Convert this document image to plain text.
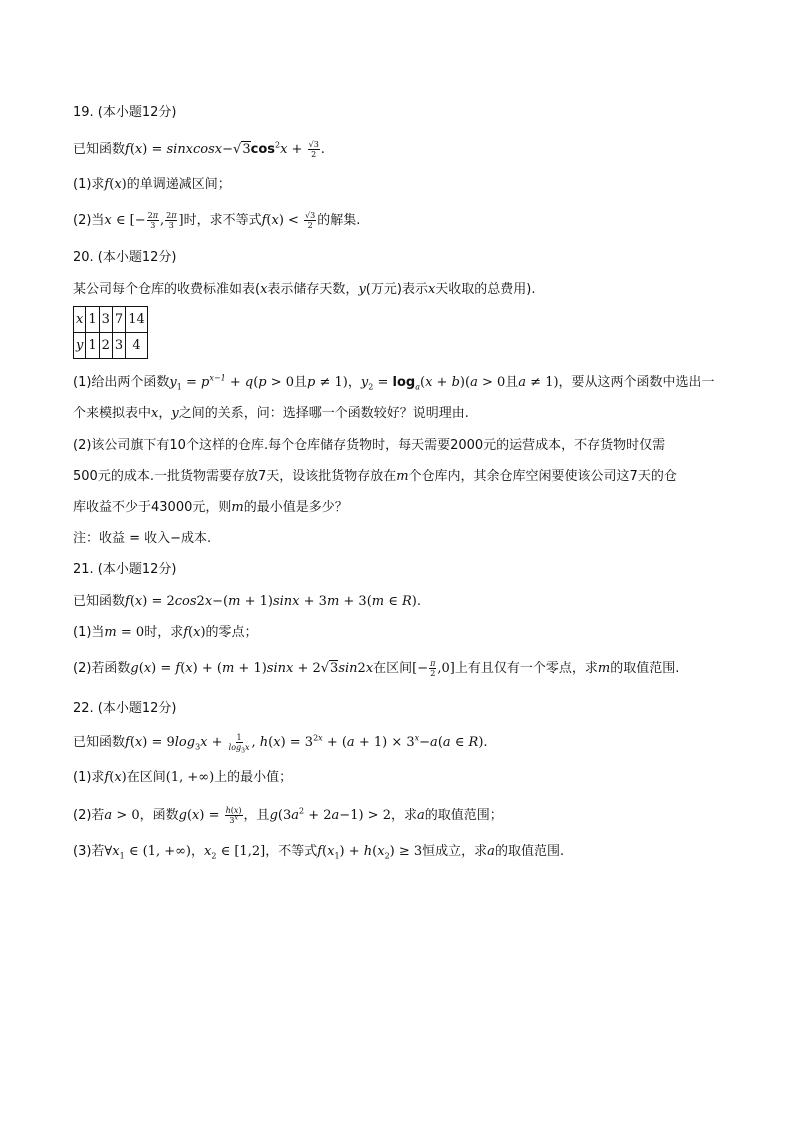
19. (本小题12分)
已知函数$f(x) = sinxcosx-√3\cos^2x + \frac{√3}{2}$ .
(1)求f(x)的单调递减区间；
(2)当x ∈ [− $\frac{2\pi}{3}$ , $\frac{2\pi}{3}$ ]时，求不等式$f(x) < \frac{√3}{2}$ 的解集.
20. (本小题12分)
某公司每个仓库的收费标准如表(x表示储存天数，y(万元)表示x天收取的总费用).
x	1	3	7	14
y	1	2	3	4
(1)给出两个函数$y_1 = p^{x-1} + q(p > 0$且p ≠ 1)，$y_2 = \log_a(x + b)(a > 0$且a ≠ 1)，要从这两个函数中选出一
个来模拟表中x，y之间的关系，问：选择哪一个函数较好？说明理由.
(2)该公司旗下有10个这样的仓库.每个仓库储存货物时，每天需要2000元的运营成本，不存货物时仅需
500元的成本.一批货物需要存放7天，设该批货物存放在m个仓库内，其余仓库空闲要使该公司这7天的仓
库收益不少于43000元，则m的最小值是多少？
注：收益 = 收入−成本.
21. (本小题12分)
已知函数f(x) = 2cos2x−(m + 1)sinx + 3m + 3(m ∈ R).
(1)当m = 0时，求f(x)的零点；
(2)若函数g(x) = f(x) + (m + 1)sinx + 2√3sin2x在区间[− $\frac{\pi}{2} ,0$]上有且仅有一个零点，求m的取值范围.
22. (本小题12分)
已知函数$f(x) = 9\log_3x + \frac{1}{\log_3x}$ , $h(x) = 3^{2x} + (a + 1) \times 3^x-a(a$ ∈ R).
(1)求f(x)在区间(1, +∞)上的最小值；
(2)若a > 0，函数$g(x) = \frac{h(x)}{3^x}$ ，且$g(3a^2 + 2a-1) > 2$，求a的取值范围；
(3)若$\forall x_1$ ∈ (1, +∞)，$x_2$ ∈ [1,2]，不等式$f(x_1) + h(x_2) \ge 3$恒成立，求a的取值范围.
